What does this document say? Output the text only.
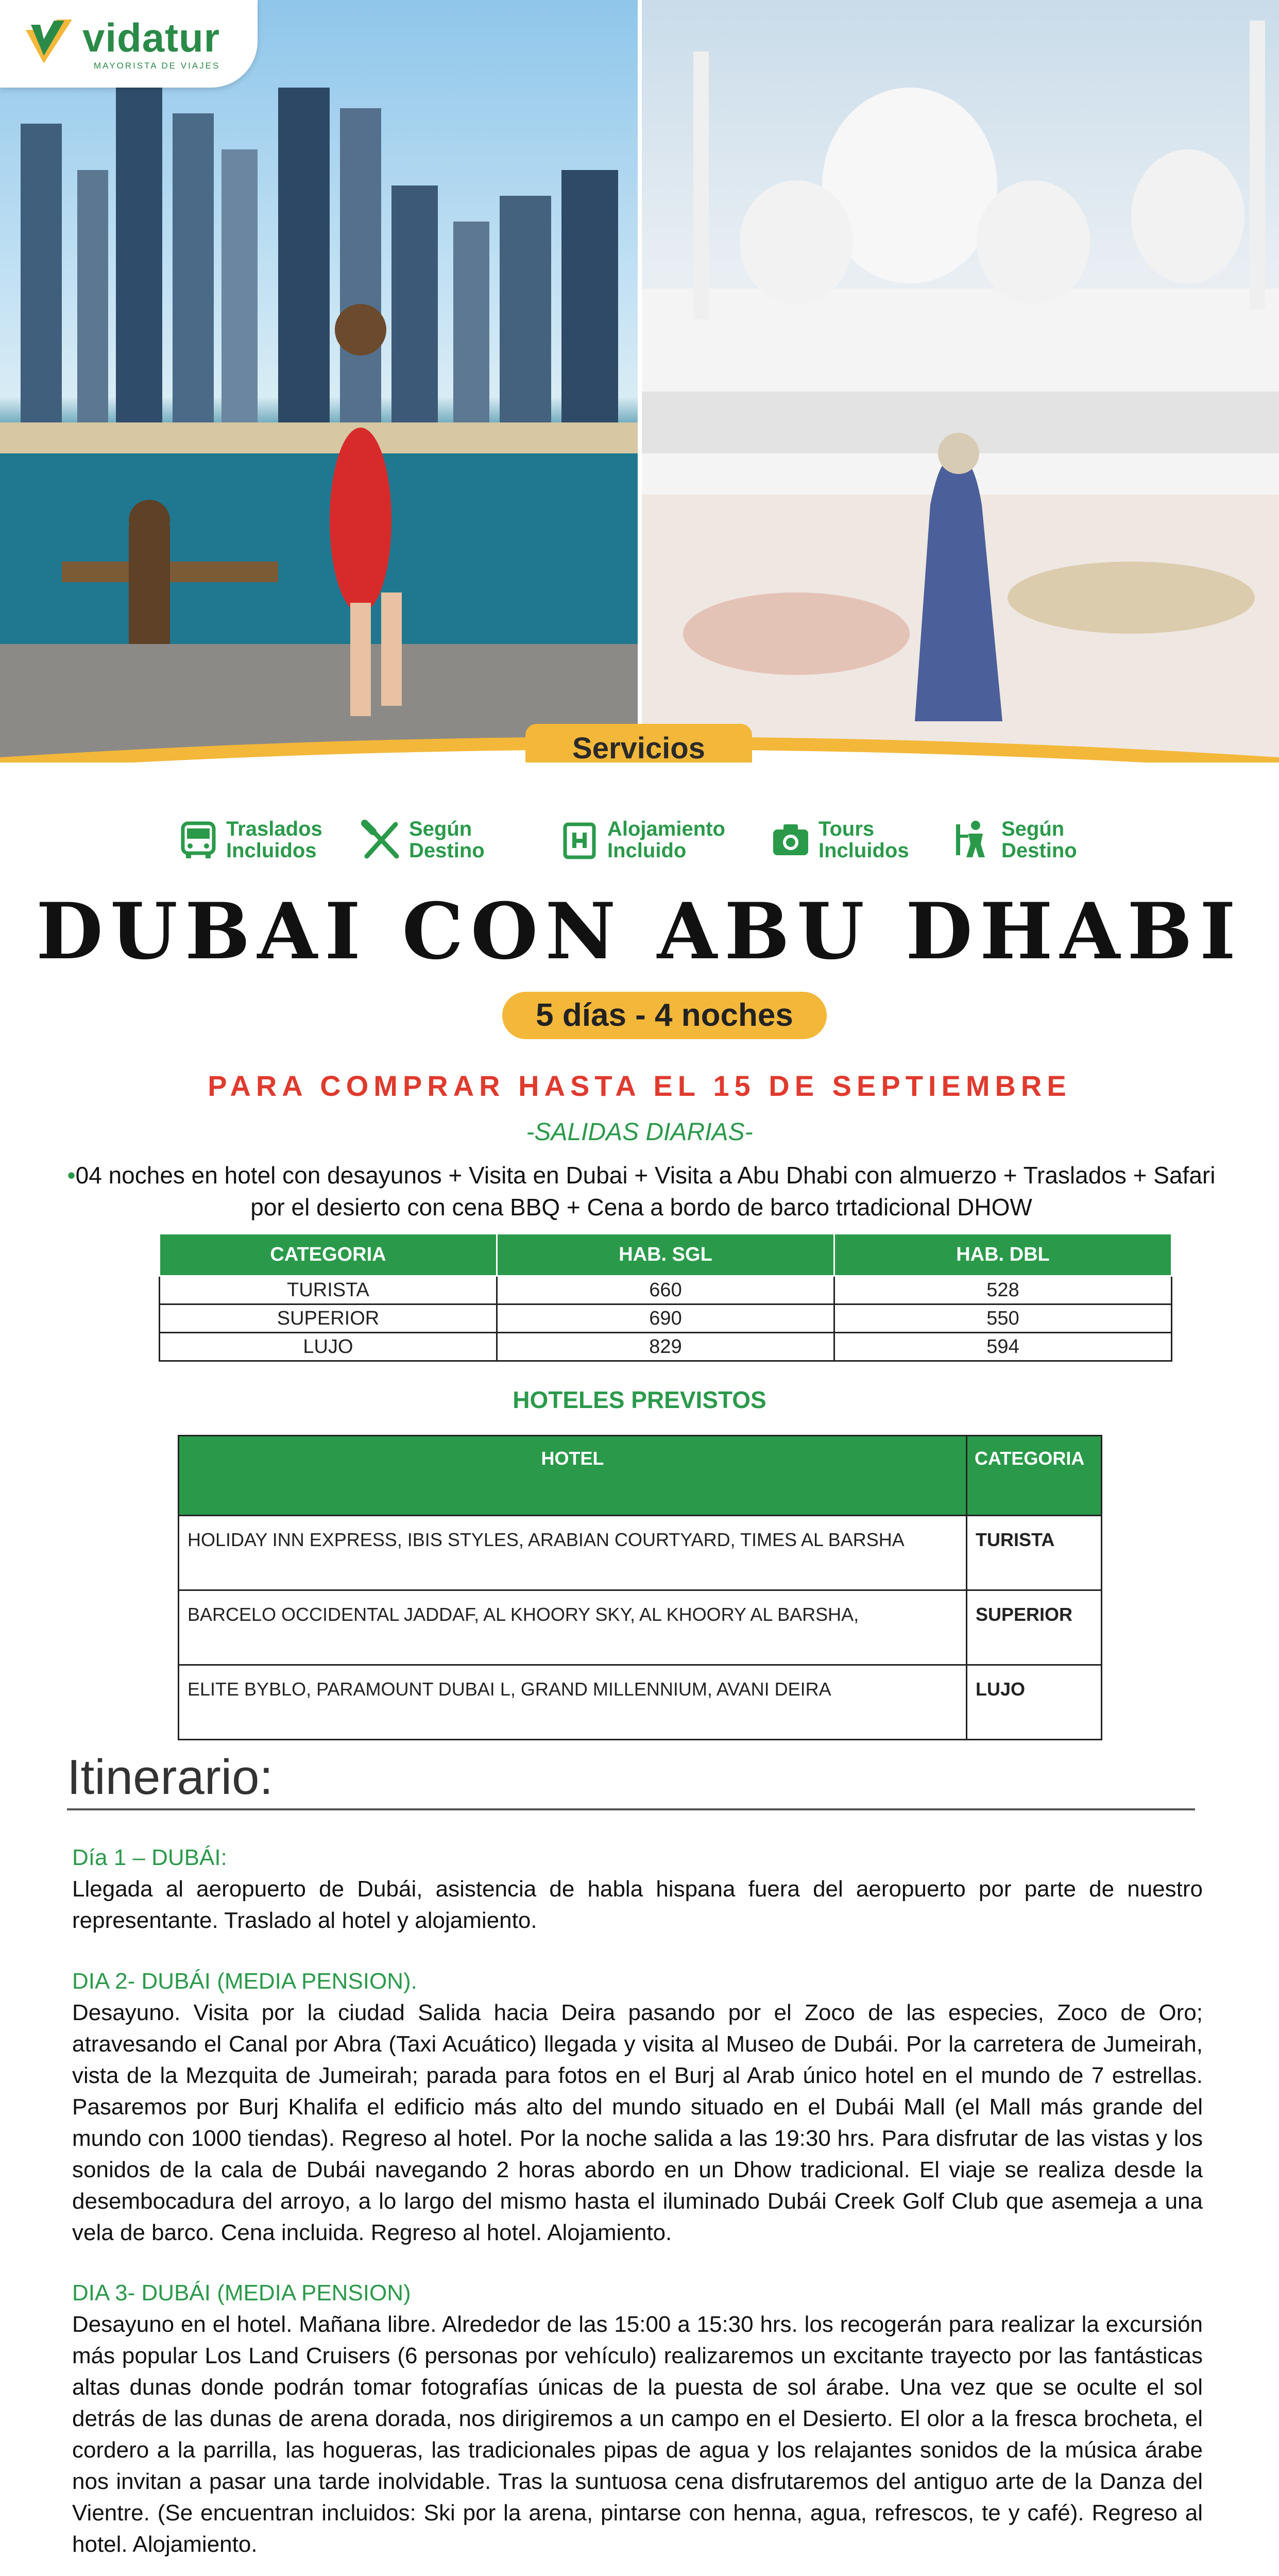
vidatur
MAYORISTA DE VIAJES
Servicios
Traslados Incluidos
Según Destino
Alojamiento Incluido
Tours Incluidos
Según Destino
DUBAI CON ABU DHABI
5 días - 4 noches
PARA COMPRAR HASTA EL 15 DE SEPTIEMBRE
-SALIDAS DIARIAS-
•04 noches en hotel con desayunos + Visita en Dubai + Visita a Abu Dhabi con almuerzo + Traslados + Safari por el desierto con cena BBQ + Cena a bordo de barco trtadicional DHOW
CATEGORIA	HAB. SGL	HAB. DBL
TURISTA	660	528
SUPERIOR	690	550
LUJO	829	594
HOTELES PREVISTOS
HOTEL	CATEGORIA
HOLIDAY INN EXPRESS, IBIS STYLES, ARABIAN COURTYARD, TIMES AL BARSHA	TURISTA
BARCELO OCCIDENTAL JADDAF, AL KHOORY SKY, AL KHOORY AL BARSHA,	SUPERIOR
ELITE BYBLO, PARAMOUNT DUBAI L, GRAND MILLENNIUM, AVANI DEIRA	LUJO
Itinerario:
Día 1 – DUBÁI:
Llegada al aeropuerto de Dubái, asistencia de habla hispana fuera del aeropuerto por parte de nuestro representante. Traslado al hotel y alojamiento.
DIA 2- DUBÁI (MEDIA PENSION).
Desayuno. Visita por la ciudad Salida hacia Deira pasando por el Zoco de las especies, Zoco de Oro; atravesando el Canal por Abra (Taxi Acuático) llegada y visita al Museo de Dubái. Por la carretera de Jumeirah, vista de la Mezquita de Jumeirah; parada para fotos en el Burj al Arab único hotel en el mundo de 7 estrellas. Pasaremos por Burj Khalifa el edificio más alto del mundo situado en el Dubái Mall (el Mall más grande del mundo con 1000 tiendas). Regreso al hotel. Por la noche salida a las 19:30 hrs. Para disfrutar de las vistas y los sonidos de la cala de Dubái navegando 2 horas abordo en un Dhow tradicional. El viaje se realiza desde la desembocadura del arroyo, a lo largo del mismo hasta el iluminado Dubái Creek Golf Club que asemeja a una vela de barco. Cena incluida. Regreso al hotel. Alojamiento.
DIA 3- DUBÁI (MEDIA PENSION)
Desayuno en el hotel. Mañana libre. Alrededor de las 15:00 a 15:30 hrs. los recogerán para realizar la excursión más popular Los Land Cruisers (6 personas por vehículo) realizaremos un excitante trayecto por las fantásticas altas dunas donde podrán tomar fotografías únicas de la puesta de sol árabe. Una vez que se oculte el sol detrás de las dunas de arena dorada, nos dirigiremos a un campo en el Desierto. El olor a la fresca brocheta, el cordero a la parrilla, las hogueras, las tradicionales pipas de agua y los relajantes sonidos de la música árabe nos invitan a pasar una tarde inolvidable. Tras la suntuosa cena disfrutaremos del antiguo arte de la Danza del Vientre. (Se encuentran incluidos: Ski por la arena, pintarse con henna, agua, refrescos, te y café). Regreso al hotel. Alojamiento.
